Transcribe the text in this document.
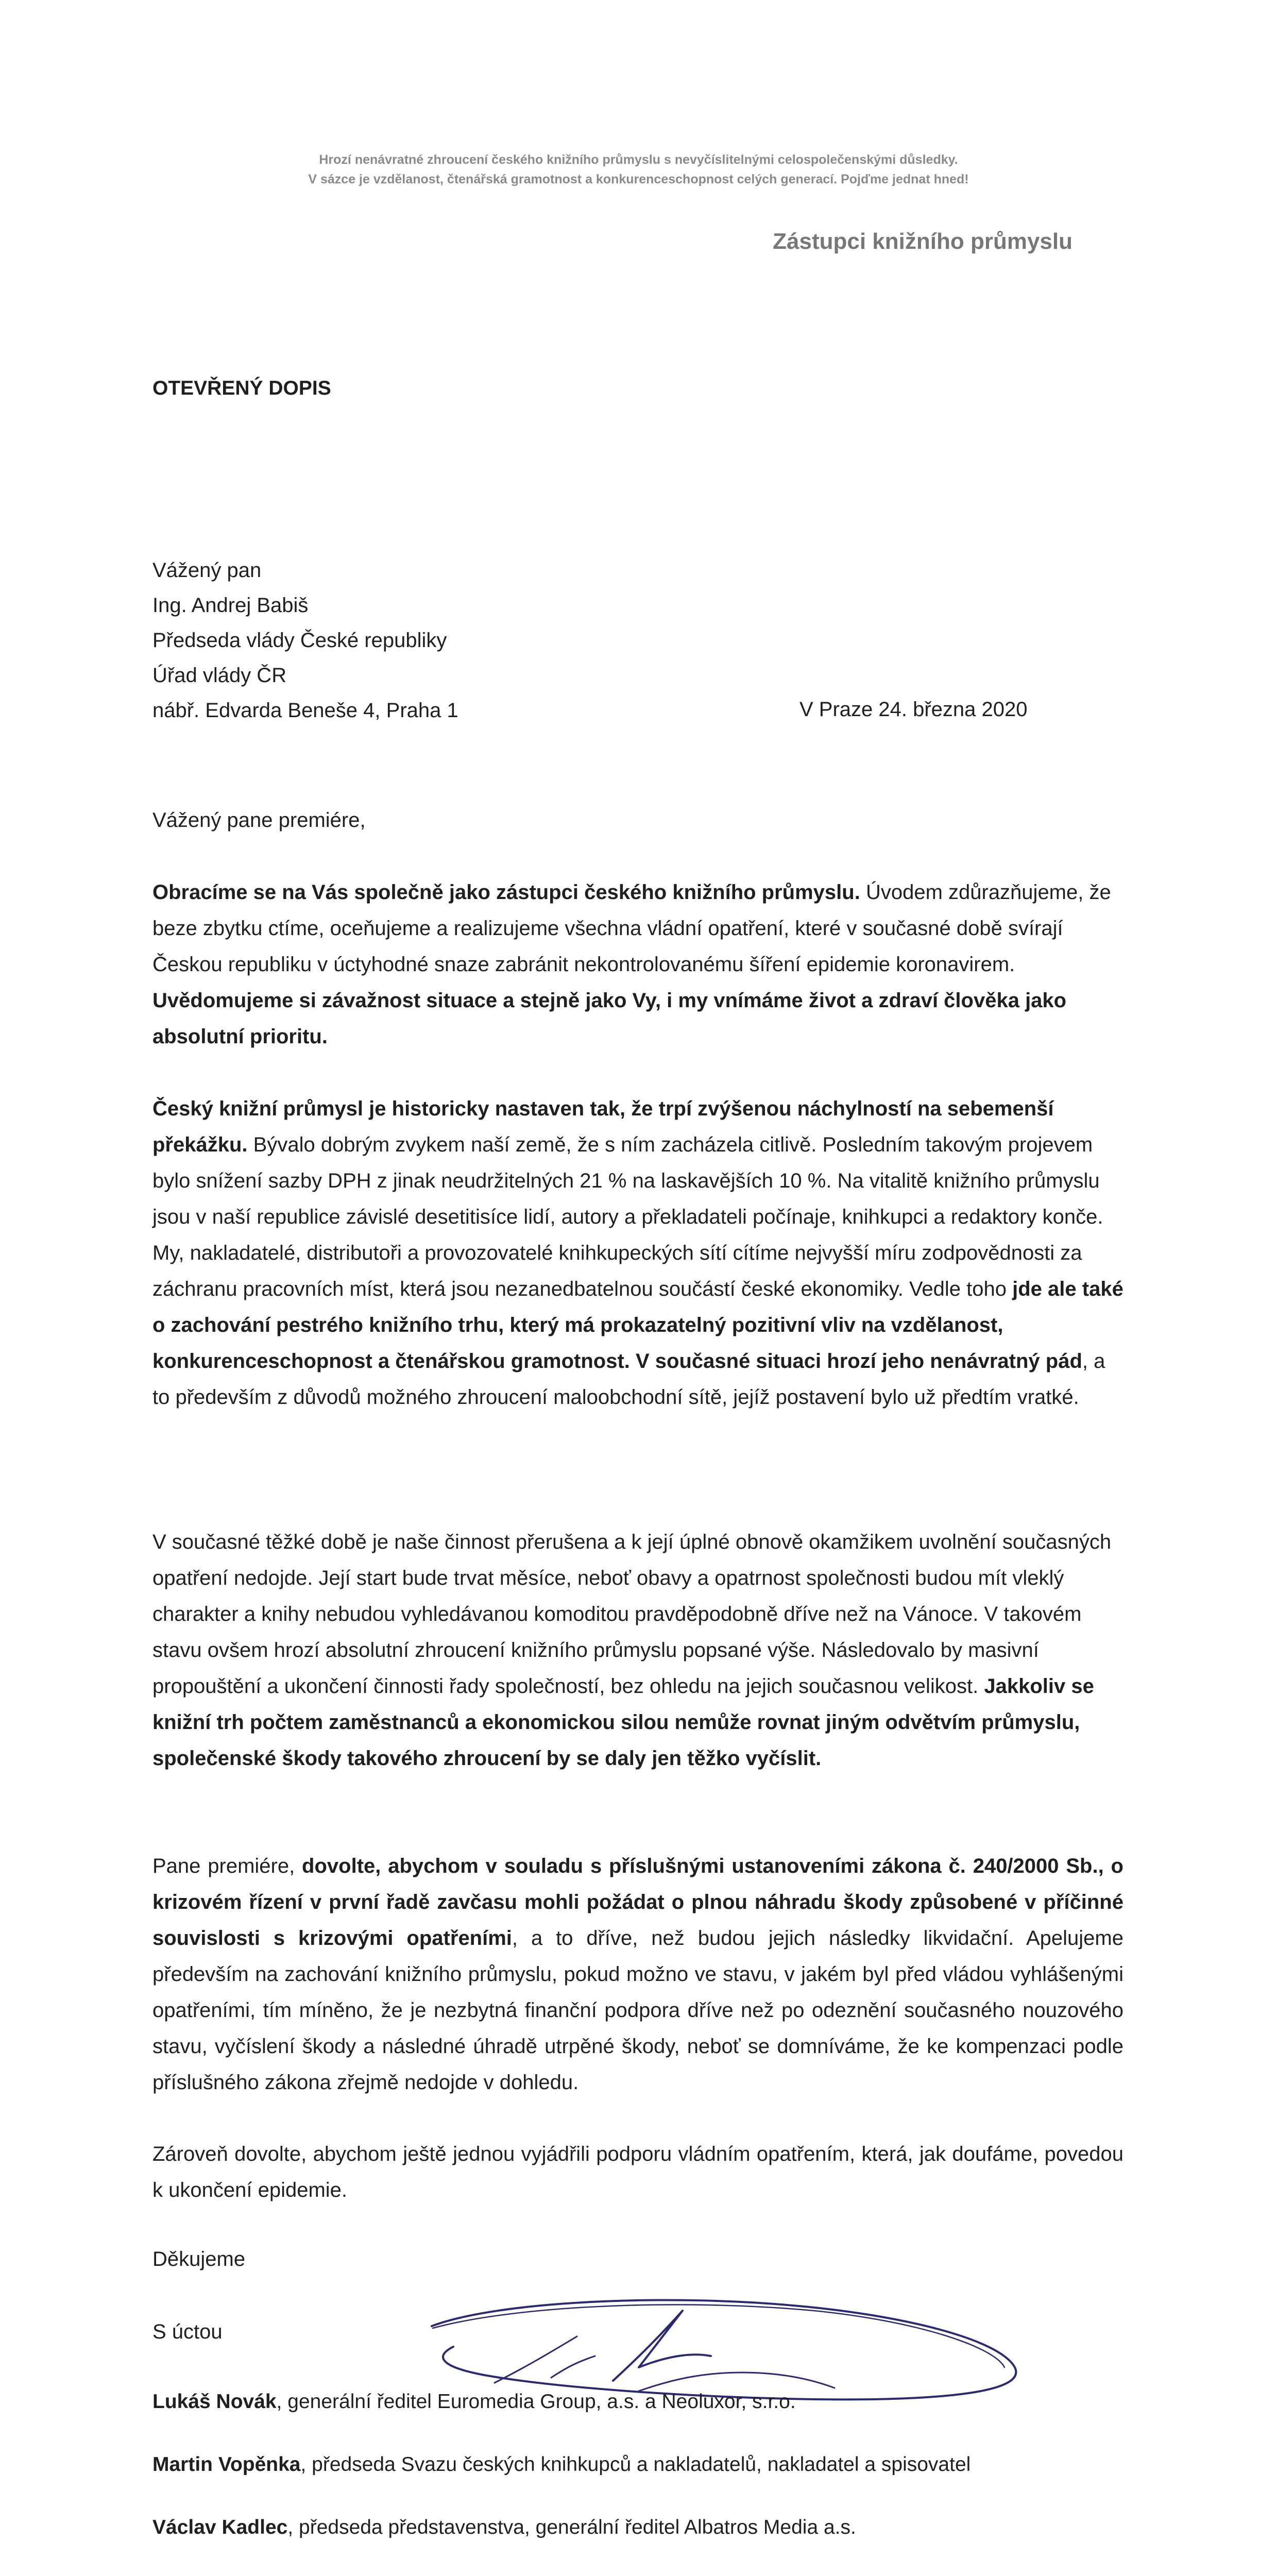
Hrozí nenávratné zhroucení českého knižního průmyslu s nevyčíslitelnými celospolečenskými důsledky.
V sázce je vzdělanost, čtenářská gramotnost a konkurenceschopnost celých generací. Pojďme jednat hned!
Zástupci knižního průmyslu
OTEVŘENÝ DOPIS
Vážený pan
Ing. Andrej Babiš
Předseda vlády České republiky
Úřad vlády ČR
nábř. Edvarda Beneše 4, Praha 1	V Praze 24. března 2020
Vážený pane premiére,
Obracíme se na Vás společně jako zástupci českého knižního průmyslu. Úvodem zdůrazňujeme, že beze zbytku ctíme, oceňujeme a realizujeme všechna vládní opatření, které v současné době svírají Českou republiku v úctyhodné snaze zabránit nekontrolovanému šíření epidemie koronavirem. Uvědomujeme si závažnost situace a stejně jako Vy, i my vnímáme život a zdraví člověka jako absolutní prioritu.
Český knižní průmysl je historicky nastaven tak, že trpí zvýšenou náchylností na sebemenší překážku. Bývalo dobrým zvykem naší země, že s ním zacházela citlivě. Posledním takovým projevem bylo snížení sazby DPH z jinak neudržitelných 21 % na laskavějších 10 %. Na vitalitě knižního průmyslu jsou v naší republice závislé desetitisíce lidí, autory a překladateli počínaje, knihkupci a redaktory konče. My, nakladatelé, distributoři a provozovatelé knihkupeckých sítí cítíme nejvyšší míru zodpovědnosti za záchranu pracovních míst, která jsou nezanedbatelnou součástí české ekonomiky. Vedle toho jde ale také o zachování pestrého knižního trhu, který má prokazatelný pozitivní vliv na vzdělanost, konkurenceschopnost a čtenářskou gramotnost. V současné situaci hrozí jeho nenávratný pád, a to především z důvodů možného zhroucení maloobchodní sítě, jejíž postavení bylo už předtím vratké.
V současné těžké době je naše činnost přerušena a k její úplné obnově okamžikem uvolnění současných opatření nedojde. Její start bude trvat měsíce, neboť obavy a opatrnost společnosti budou mít vleklý charakter a knihy nebudou vyhledávanou komoditou pravděpodobně dříve než na Vánoce. V takovém stavu ovšem hrozí absolutní zhroucení knižního průmyslu popsané výše. Následovalo by masivní propouštění a ukončení činnosti řady společností, bez ohledu na jejich současnou velikost. Jakkoliv se knižní trh počtem zaměstnanců a ekonomickou silou nemůže rovnat jiným odvětvím průmyslu, společenské škody takového zhroucení by se daly jen těžko vyčíslit.
Pane premiére, dovolte, abychom v souladu s příslušnými ustanoveními zákona č. 240/2000 Sb., o krizovém řízení v první řadě zavčasu mohli požádat o plnou náhradu škody způsobené v příčinné souvislosti s krizovými opatřeními, a to dříve, než budou jejich následky likvidační. Apelujeme především na zachování knižního průmyslu, pokud možno ve stavu, v jakém byl před vládou vyhlášenými opatřeními, tím míněno, že je nezbytná finanční podpora dříve než po odeznění současného nouzového stavu, vyčíslení škody a následné úhradě utrpěné škody, neboť se domníváme, že ke kompenzaci podle příslušného zákona zřejmě nedojde v dohledu.
Zároveň dovolte, abychom ještě jednou vyjádřili podporu vládním opatřením, která, jak doufáme, povedou k ukončení epidemie.
Děkujeme
S úctou
Lukáš Novák, generální ředitel Euromedia Group, a.s. a Neoluxor, s.r.o.
Martin Vopěnka, předseda Svazu českých knihkupců a nakladatelů, nakladatel a spisovatel
Václav Kadlec, předseda představenstva, generální ředitel Albatros Media a.s.
